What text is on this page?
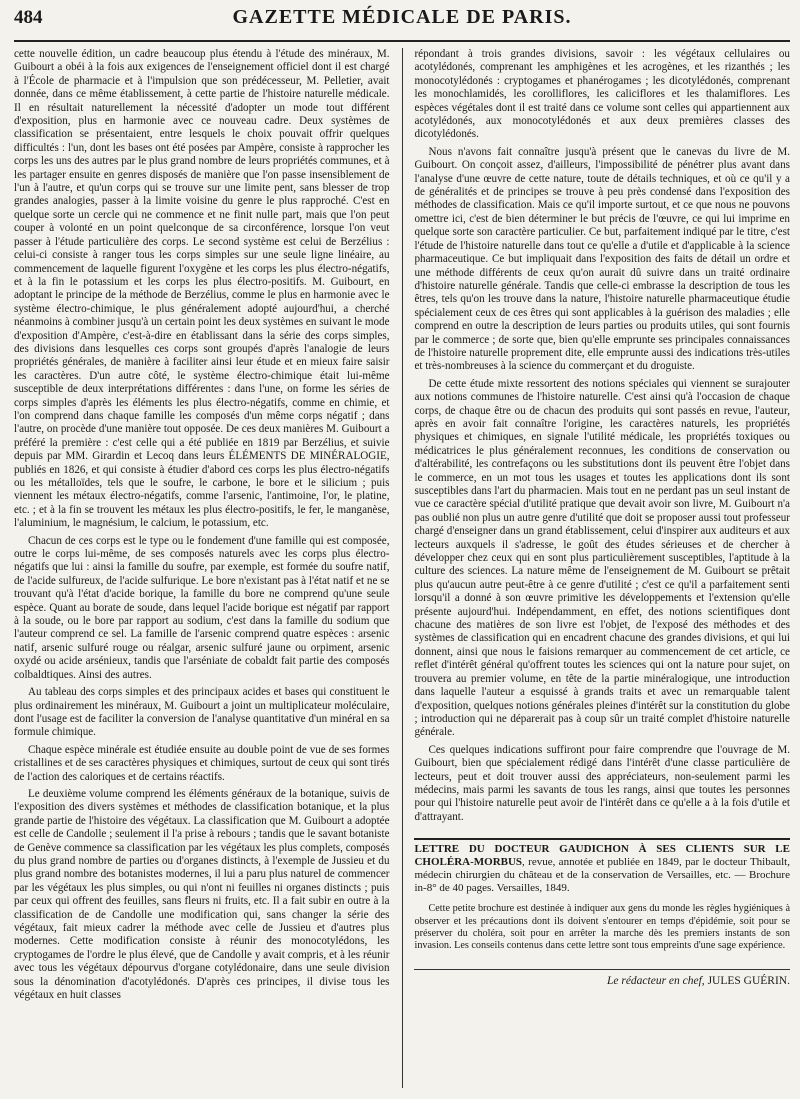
484	GAZETTE MÉDICALE DE PARIS.

cette nouvelle édition, un cadre beaucoup plus étendu à l'étude des minéraux, M. Guibourt a obéi à la fois aux exigences de l'enseignement officiel dont il est chargé à l'École de pharmacie et à l'impulsion que son prédécesseur, M. Pelletier, avait donnée, dans ce même établissement, à cette partie de l'histoire naturelle médicale. Il en résultait naturellement la nécessité d'adopter un mode tout différent d'exposition, plus en harmonie avec ce nouveau cadre. Deux systèmes de classification se présentaient, entre lesquels le choix pouvait offrir quelques difficultés : l'un, dont les bases ont été posées par Ampère, consiste à rapprocher les corps les uns des autres par le plus grand nombre de leurs propriétés communes, et à les partager ensuite en genres disposés de manière que l'on passe insensiblement de l'un à l'autre, et qu'un corps qui se trouve sur une limite pent, sans blesser de trop grandes analogies, passer à la limite voisine du genre le plus rapproché. C'est en quelque sorte un cercle qui ne commence et ne finit nulle part, mais que l'on peut couper à volonté en un point quelconque de sa circonférence, lorsque l'on veut passer à l'étude particulière des corps. Le second système est celui de Berzélius : celui-ci consiste à ranger tous les corps simples sur une seule ligne linéaire, au commencement de laquelle figurent l'oxygène et les corps les plus électro-négatifs, et à la fin le potassium et les corps les plus électro-positifs. M. Guibourt, en adoptant le principe de la méthode de Berzélius, comme le plus en harmonie avec le système électro-chimique, le plus généralement adopté aujourd'hui, a cherché néanmoins à combiner jusqu'à un certain point les deux systèmes en suivant le mode d'exposition d'Ampère, c'est-à-dire en établissant dans la série des corps simples, des divisions dans lesquelles ces corps sont groupés d'après l'analogie de leurs propriétés générales, de manière à faciliter ainsi leur étude et en mieux faire saisir les caractères. D'un autre côté, le système électro-chimique était lui-même susceptible de deux interprétations différentes : dans l'une, on forme les séries de corps simples d'après les éléments les plus électro-négatifs, comme en chimie, et l'on comprend dans chaque famille les composés d'un même corps négatif ; dans l'autre, on procède d'une manière tout opposée. De ces deux manières M. Guibourt a préféré la première : c'est celle qui a été publiée en 1819 par Berzélius, et suivie depuis par MM. Girardin et Lecoq dans leurs ÉLÉMENTS DE MINÉRALOGIE, publiés en 1826, et qui consiste à étudier d'abord ces corps les plus électro-négatifs ou les métalloïdes, tels que le soufre, le carbone, le bore et le silicium ; puis viennent les métaux électro-négatifs, comme l'arsenic, l'antimoine, l'or, le platine, etc. ; et à la fin se trouvent les métaux les plus électro-positifs, le fer, le manganèse, l'aluminium, le magnésium, le calcium, le potassium, etc.

Chacun de ces corps est le type ou le fondement d'une famille qui est composée, outre le corps lui-même, de ses composés naturels avec les corps plus électro-négatifs que lui : ainsi la famille du soufre, par exemple, est formée du soufre natif, de l'acide sulfureux, de l'acide sulfurique. Le bore n'existant pas à l'état natif et ne se trouvant qu'à l'état d'acide borique, la famille du bore ne comprend qu'une seule espèce. Quant au borate de soude, dans lequel l'acide borique est négatif par rapport à la soude, ou le bore par rapport au sodium, c'est dans la famille du sodium que l'auteur comprend ce sel. La famille de l'arsenic comprend quatre espèces : arsenic natif, arsenic sulfuré rouge ou réalgar, arsenic sulfuré jaune ou orpiment, arsenic oxydé ou acide arsénieux, tandis que l'arséniate de cobaldt fait partie des composés colbaldtiques. Ainsi des autres.

Au tableau des corps simples et des principaux acides et bases qui constituent le plus ordinairement les minéraux, M. Guibourt a joint un multiplicateur moléculaire, dont l'usage est de faciliter la conversion de l'analyse quantitative d'un minéral en sa formule chimique.

Chaque espèce minérale est étudiée ensuite au double point de vue de ses formes cristallines et de ses caractères physiques et chimiques, surtout de ceux qui sont tirés de l'action des caloriques et de certains réactifs.

Le deuxième volume comprend les éléments généraux de la botanique, suivis de l'exposition des divers systèmes et méthodes de classification botanique, et la plus grande partie de l'histoire des végétaux. La classification que M. Guibourt a adoptée est celle de Candolle ; seulement il l'a prise à rebours ; tandis que le savant botaniste de Genève commence sa classification par les végétaux les plus complets, composés du plus grand nombre de parties ou d'organes distincts, à l'exemple de Jussieu et du plus grand nombre des botanistes modernes, il lui a paru plus naturel de commencer par les végétaux les plus simples, ou qui n'ont ni feuilles ni organes distincts ; puis par ceux qui offrent des feuilles, sans fleurs ni fruits, etc. Il a fait subir en outre à la classification de de Candolle une modification qui, sans changer la série des végétaux, fait mieux cadrer la méthode avec celle de Jussieu et d'autres plus modernes. Cette modification consiste à réunir des monocotylédons, les cryptogames de l'ordre le plus élevé, que de Candolle y avait compris, et à les réunir avec tous les végétaux dépourvus d'organe cotylédonaire, dans une seule division sous la dénomination d'acotylédonés. D'après ces principes, il divise tous les végétaux en huit classes

répondant à trois grandes divisions, savoir : les végétaux cellulaires ou acotylédonés, comprenant les amphigènes et les acrogènes, et les rizanthés ; les monocotylédonés : cryptogames et phanérogames ; les dicotylédonés, comprenant les monochlamidés, les corolliflores, les caliciflores et les thalamiflores. Les espèces végétales dont il est traité dans ce volume sont celles qui appartiennent aux acotylédonés, aux monocotylédonés et aux deux premières classes des dicotylédonés.

Nous n'avons fait connaître jusqu'à présent que le canevas du livre de M. Guibourt. On conçoit assez, d'ailleurs, l'impossibilité de pénétrer plus avant dans l'analyse d'une œuvre de cette nature, toute de détails techniques, et où ce qu'il y a de généralités et de principes se trouve à peu près condensé dans l'exposition des méthodes de classification. Mais ce qu'il importe surtout, et ce que nous ne pouvons omettre ici, c'est de bien déterminer le but précis de l'œuvre, ce qui lui imprime en quelque sorte son caractère particulier. Ce but, parfaitement indiqué par le titre, c'est l'étude de l'histoire naturelle dans tout ce qu'elle a d'utile et d'applicable à la science pharmaceutique. Ce but impliquait dans l'exposition des faits de détail un ordre et une méthode différents de ceux qu'on aurait dû suivre dans un traité ordinaire d'histoire naturelle générale. Tandis que celle-ci embrasse la description de tous les êtres, tels qu'on les trouve dans la nature, l'histoire naturelle pharmaceutique étudie spécialement ceux de ces êtres qui sont applicables à la guérison des maladies ; elle comprend en outre la description de leurs parties ou produits utiles, qui sont fournis par le commerce ; de sorte que, bien qu'elle emprunte ses principales connaissances de l'histoire naturelle proprement dite, elle emprunte aussi des indications très-utiles et très-nombreuses à la science du commerçant et du droguiste.

De cette étude mixte ressortent des notions spéciales qui viennent se surajouter aux notions communes de l'histoire naturelle. C'est ainsi qu'à l'occasion de chaque corps, de chaque être ou de chacun des produits qui sont passés en revue, l'auteur, après en avoir fait connaître l'origine, les caractères naturels, les propriétés physiques et chimiques, en signale l'utilité médicale, les propriétés toxiques ou médicatrices le plus généralement reconnues, les conditions de conservation ou d'altérabilité, les contrefaçons ou les substitutions dont ils peuvent être l'objet dans le commerce, en un mot tous les usages et toutes les applications dont ils sont susceptibles dans l'art du pharmacien. Mais tout en ne perdant pas un seul instant de vue ce caractère spécial d'utilité pratique que devait avoir son livre, M. Guibourt n'a pas oublié non plus un autre genre d'utilité que doit se proposer aussi tout professeur chargé d'enseigner dans un grand établissement, celui d'inspirer aux auditeurs et aux lecteurs auxquels il s'adresse, le goût des études sérieuses et de chercher à développer chez ceux qui en sont plus particulièrement susceptibles, l'aptitude à la culture des sciences. La nature même de l'enseignement de M. Guibourt se prêtait plus qu'aucun autre peut-être à ce genre d'utilité ; c'est ce qu'il a parfaitement senti lorsqu'il a donné à son œuvre primitive les développements et l'extension qu'elle présente aujourd'hui. Indépendamment, en effet, des notions scientifiques dont chacune des matières de son livre est l'objet, de l'exposé des méthodes et des systèmes de classification qui en encadrent chacune des grandes divisions, et qui lui donnent, ainsi que nous le faisions remarquer au commencement de cet article, ce reflet d'intérêt général qu'offrent toutes les sciences qui ont la nature pour sujet, on trouvera au premier volume, en tête de la partie minéralogique, une introduction dans laquelle l'auteur a esquissé à grands traits et avec un remarquable talent d'exposition, quelques notions générales pleines d'intérêt sur la constitution du globe ; introduction qui ne déparerait pas à coup sûr un traité complet d'histoire naturelle générale.

Ces quelques indications suffiront pour faire comprendre que l'ouvrage de M. Guibourt, bien que spécialement rédigé dans l'intérêt d'une classe particulière de lecteurs, peut et doit trouver aussi des appréciateurs, non-seulement parmi les médecins, mais parmi les savants de tous les rangs, ainsi que toutes les personnes pour qui l'histoire naturelle peut avoir de l'intérêt dans ce qu'elle a à la fois d'utile et d'attrayant.

LETTRE DU DOCTEUR GAUDICHON À SES CLIENTS SUR LE CHOLÉRA-MORBUS, revue, annotée et publiée en 1849, par le docteur Thibault, médecin chirurgien du château et de la conservation de Versailles, etc. — Brochure in-8° de 40 pages. Versailles, 1849.
Cette petite brochure est destinée à indiquer aux gens du monde les règles hygiéniques à observer et les précautions dont ils doivent s'entourer en temps d'épidémie, soit pour se préserver du choléra, soit pour en arrêter la marche dès les premiers instants de son invasion. Les conseils contenus dans cette lettre sont tous empreints d'une sage expérience.
Le rédacteur en chef, JULES GUÉRIN.
